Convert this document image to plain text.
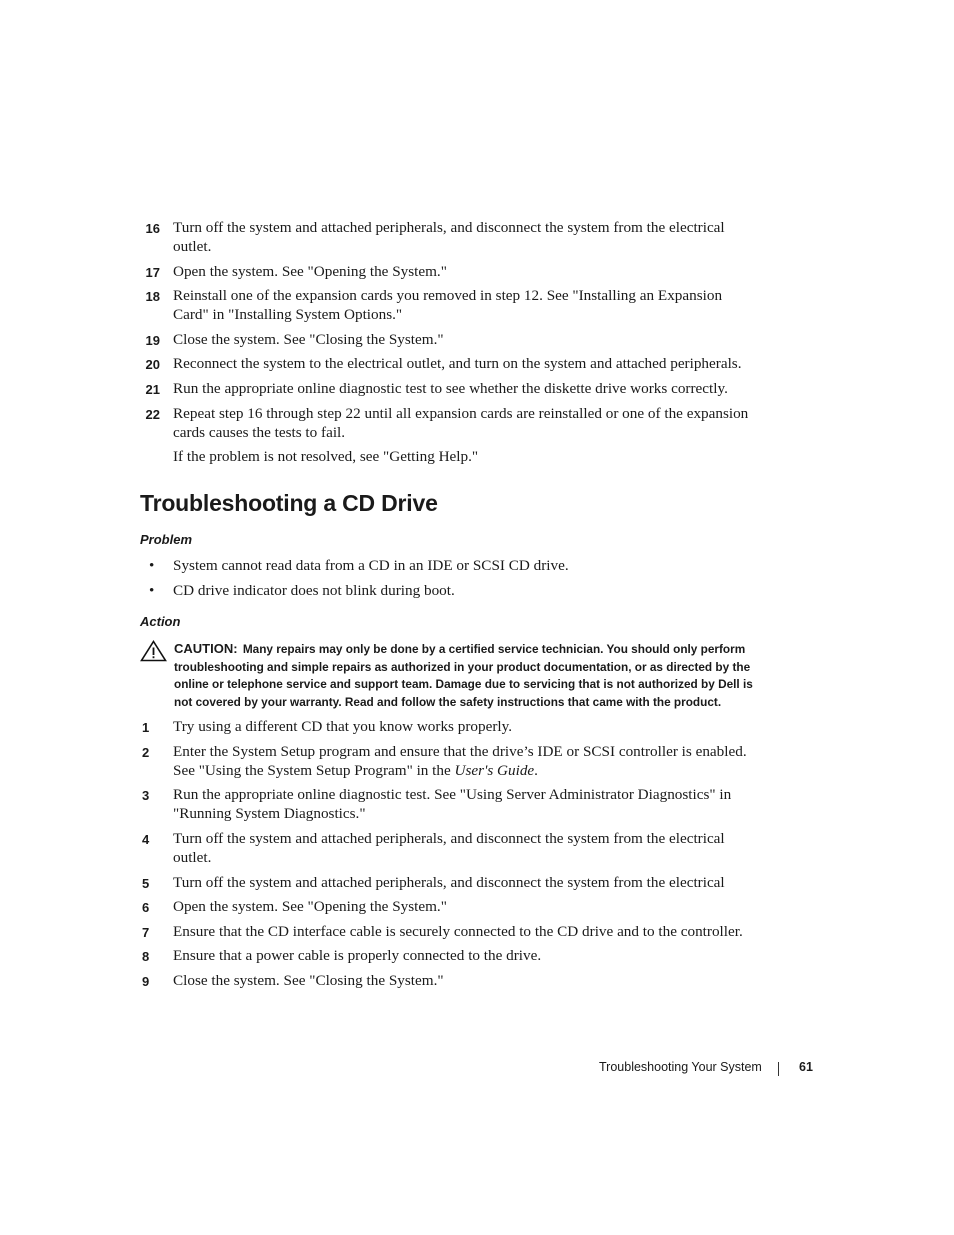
16 Turn off the system and attached peripherals, and disconnect the system from the electrical outlet.
17 Open the system. See "Opening the System."
18 Reinstall one of the expansion cards you removed in step 12. See "Installing an Expansion Card" in "Installing System Options."
19 Close the system. See "Closing the System."
20 Reconnect the system to the electrical outlet, and turn on the system and attached peripherals.
21 Run the appropriate online diagnostic test to see whether the diskette drive works correctly.
22 Repeat step 16 through step 22 until all expansion cards are reinstalled or one of the expansion cards causes the tests to fail.
If the problem is not resolved, see "Getting Help."
Troubleshooting a CD Drive
Problem
• System cannot read data from a CD in an IDE or SCSI CD drive.
• CD drive indicator does not blink during boot.
Action
CAUTION: Many repairs may only be done by a certified service technician. You should only perform troubleshooting and simple repairs as authorized in your product documentation, or as directed by the online or telephone service and support team. Damage due to servicing that is not authorized by Dell is not covered by your warranty. Read and follow the safety instructions that came with the product.
1 Try using a different CD that you know works properly.
2 Enter the System Setup program and ensure that the drive’s IDE or SCSI controller is enabled. See "Using the System Setup Program" in the User's Guide.
3 Run the appropriate online diagnostic test. See "Using Server Administrator Diagnostics" in "Running System Diagnostics."
4 Turn off the system and attached peripherals, and disconnect the system from the electrical outlet.
5 Turn off the system and attached peripherals, and disconnect the system from the electrical
6 Open the system. See "Opening the System."
7 Ensure that the CD interface cable is securely connected to the CD drive and to the controller.
8 Ensure that a power cable is properly connected to the drive.
9 Close the system. See "Closing the System."
Troubleshooting Your System	61
